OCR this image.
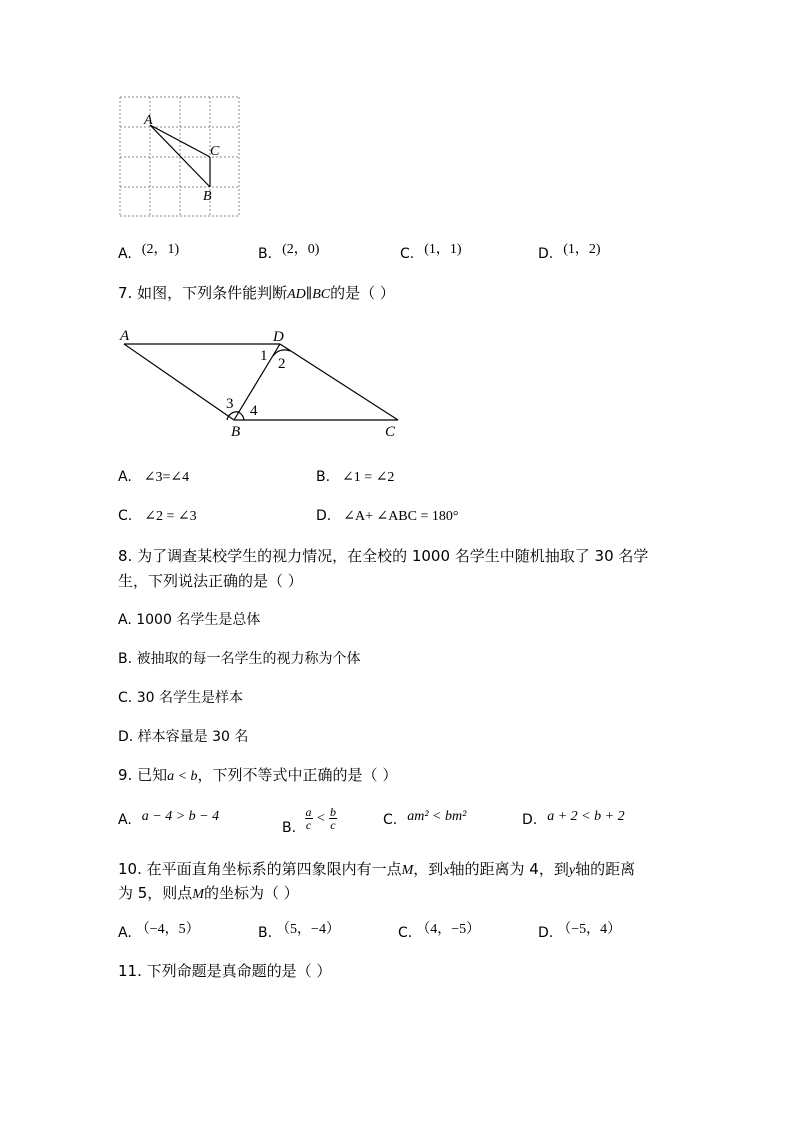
A
C
B
A. (2，1)	B. (2，0)	C. (1，1)	D. (1，2)
7. 如图，下列条件能判断AD∥BC的是（ ）
A	D
B	C
1 2
3 4
A. ∠3=∠4	B. ∠1 = ∠2
C. ∠2 = ∠3	D. ∠A+ ∠ABC = 180°
8. 为了调查某校学生的视力情况，在全校的 1000 名学生中随机抽取了 30 名学
生，下列说法正确的是（ ）
A. 1000 名学生是总体
B. 被抽取的每一名学生的视力称为个体
C. 30 名学生是样本
D. 样本容量是 30 名
9. 已知a < b，下列不等式中正确的是（ ）
A. a − 4 > b − 4
B. $\frac{a}{c} < \frac{b}{c}$	C. am² < bm²	D. a + 2 < b + 2
10. 在平面直角坐标系的第四象限内有一点M，到x轴的距离为 4，到y轴的距离
为 5，则点M的坐标为（ ）
A. （−4，5）	B. （5，−4）	C. （4，−5）	D. （−5，4）
11. 下列命题是真命题的是（ ）
